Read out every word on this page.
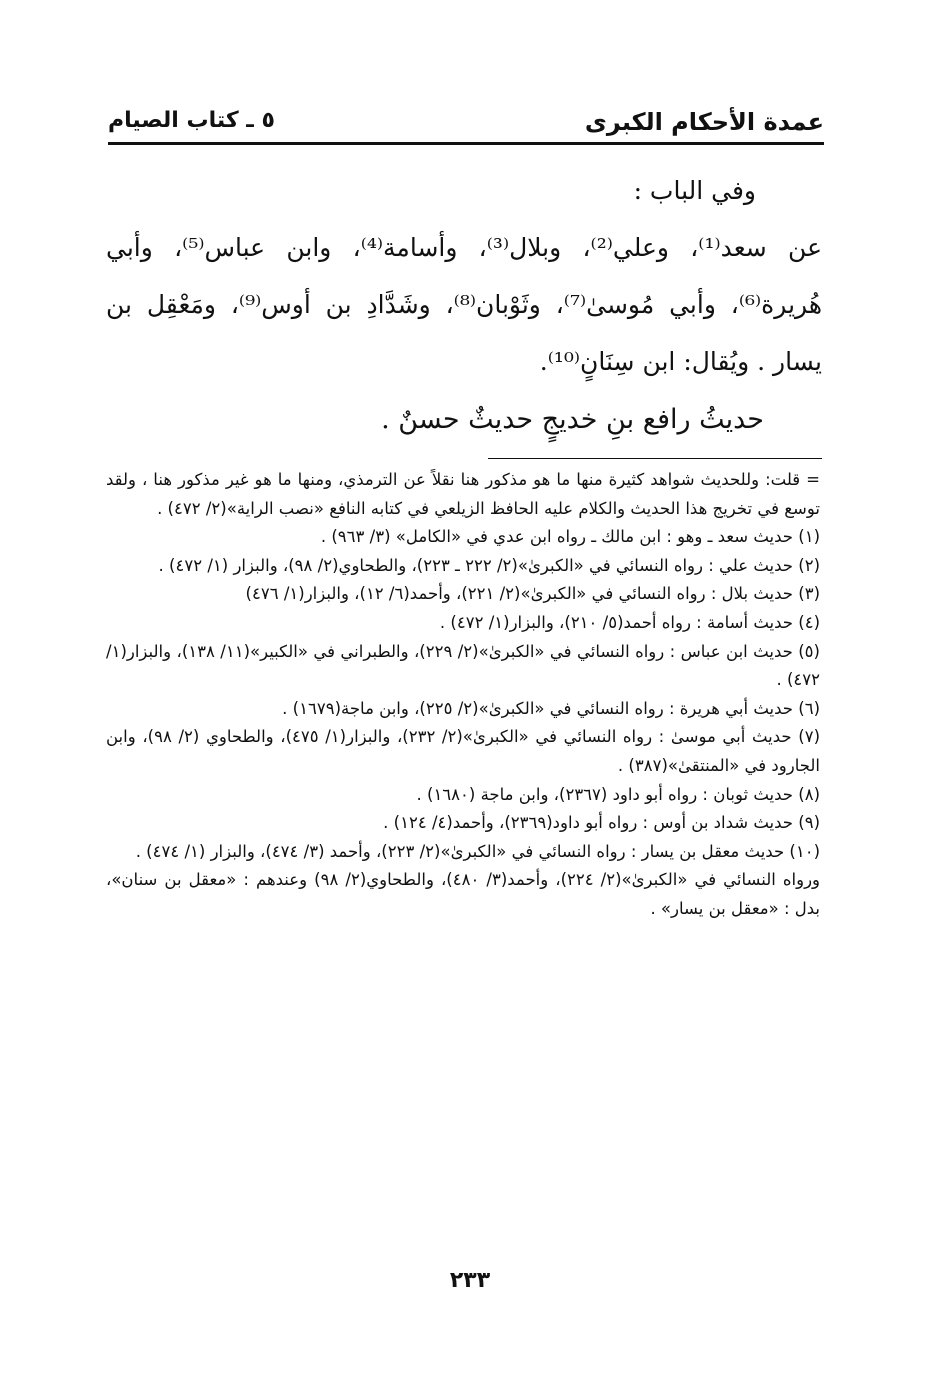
عمدة الأحكام الكبرى
٥ ـ كتاب الصيام

وفي الباب :

عن سعد⁽¹⁾، وعلي⁽²⁾، وبلال⁽³⁾، وأسامة⁽⁴⁾، وابن عباس⁽⁵⁾، وأبي هُريرة⁽⁶⁾، وأبي مُوسىٰ⁽⁷⁾، وثَوْبان⁽⁸⁾، وشَدَّادِ بن أوس⁽⁹⁾، ومَعْقِل بن يسار . ويُقال: ابن سِنَانٍ⁽¹⁰⁾.

حديثُ رافع بنِ خديجٍ حديثٌ حسنٌ .

= قلت: وللحديث شواهد كثيرة منها ما هو مذكور هنا نقلاً عن الترمذي، ومنها ما هو غير مذكور هنا ، ولقد توسع في تخريج هذا الحديث والكلام عليه الحافظ الزيلعي في كتابه النافع «نصب الراية»(٢/ ٤٧٢) .

(١) حديث سعد ـ وهو : ابن مالك ـ رواه ابن عدي في «الكامل» (٣/ ٩٦٣) .

(٢) حديث علي : رواه النسائي في «الكبرىٰ»(٢/ ٢٢٢ ـ ٢٢٣)، والطحاوي(٢/ ٩٨)، والبزار (١/ ٤٧٢) .

(٣) حديث بلال : رواه النسائي في «الكبرىٰ»(٢/ ٢٢١)، وأحمد(٦/ ١٢)، والبزار(١/ ٤٧٦)

(٤) حديث أسامة : رواه أحمد(٥/ ٢١٠)، والبزار(١/ ٤٧٢) .

(٥) حديث ابن عباس : رواه النسائي في «الكبرىٰ»(٢/ ٢٢٩)، والطبراني في «الكبير»(١١/ ١٣٨)، والبزار(١/ ٤٧٢) .

(٦) حديث أبي هريرة : رواه النسائي في «الكبرىٰ»(٢/ ٢٢٥)، وابن ماجة(١٦٧٩) .

(٧) حديث أبي موسىٰ : رواه النسائي في «الكبرىٰ»(٢/ ٢٣٢)، والبزار(١/ ٤٧٥)، والطحاوي (٢/ ٩٨)، وابن الجارود في «المنتقىٰ»(٣٨٧) .

(٨) حديث ثوبان : رواه أبو داود (٢٣٦٧)، وابن ماجة (١٦٨٠) .

(٩) حديث شداد بن أوس : رواه أبو داود(٢٣٦٩)، وأحمد(٤/ ١٢٤) .

(١٠) حديث معقل بن يسار : رواه النسائي في «الكبرىٰ»(٢/ ٢٢٣)، وأحمد (٣/ ٤٧٤)، والبزار (١/ ٤٧٤) .

ورواه النسائي في «الكبرىٰ»(٢/ ٢٢٤)، وأحمد(٣/ ٤٨٠)، والطحاوي(٢/ ٩٨) وعندهم : «معقل بن سنان»، بدل : «معقل بن يسار» .

٢٣٣
